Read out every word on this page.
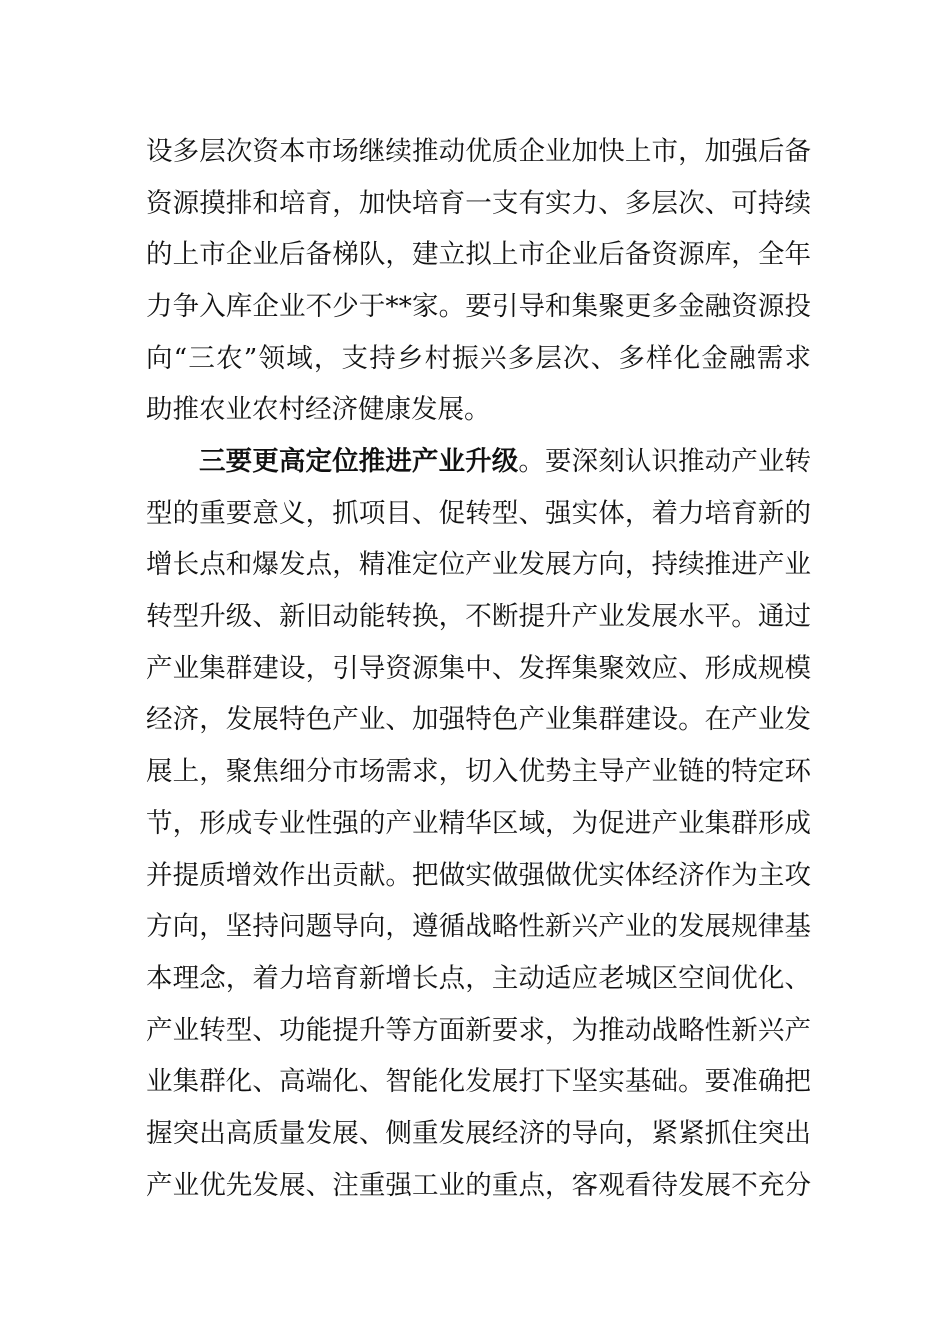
设多层次资本市场继续推动优质企业加快上市，加强后备
资源摸排和培育，加快培育一支有实力、多层次、可持续
的上市企业后备梯队，建立拟上市企业后备资源库，全年
力争入库企业不少于**家。要引导和集聚更多金融资源投
向“三农”领域，支持乡村振兴多层次、多样化金融需求
助推农业农村经济健康发展。
三要更高定位推进产业升级。要深刻认识推动产业转
型的重要意义，抓项目、促转型、强实体，着力培育新的
增长点和爆发点，精准定位产业发展方向，持续推进产业
转型升级、新旧动能转换，不断提升产业发展水平。通过
产业集群建设，引导资源集中、发挥集聚效应、形成规模
经济，发展特色产业、加强特色产业集群建设。在产业发
展上，聚焦细分市场需求，切入优势主导产业链的特定环
节，形成专业性强的产业精华区域，为促进产业集群形成
并提质增效作出贡献。把做实做强做优实体经济作为主攻
方向，坚持问题导向，遵循战略性新兴产业的发展规律基
本理念，着力培育新增长点，主动适应老城区空间优化、
产业转型、功能提升等方面新要求，为推动战略性新兴产
业集群化、高端化、智能化发展打下坚实基础。要准确把
握突出高质量发展、侧重发展经济的导向，紧紧抓住突出
产业优先发展、注重强工业的重点，客观看待发展不充分
